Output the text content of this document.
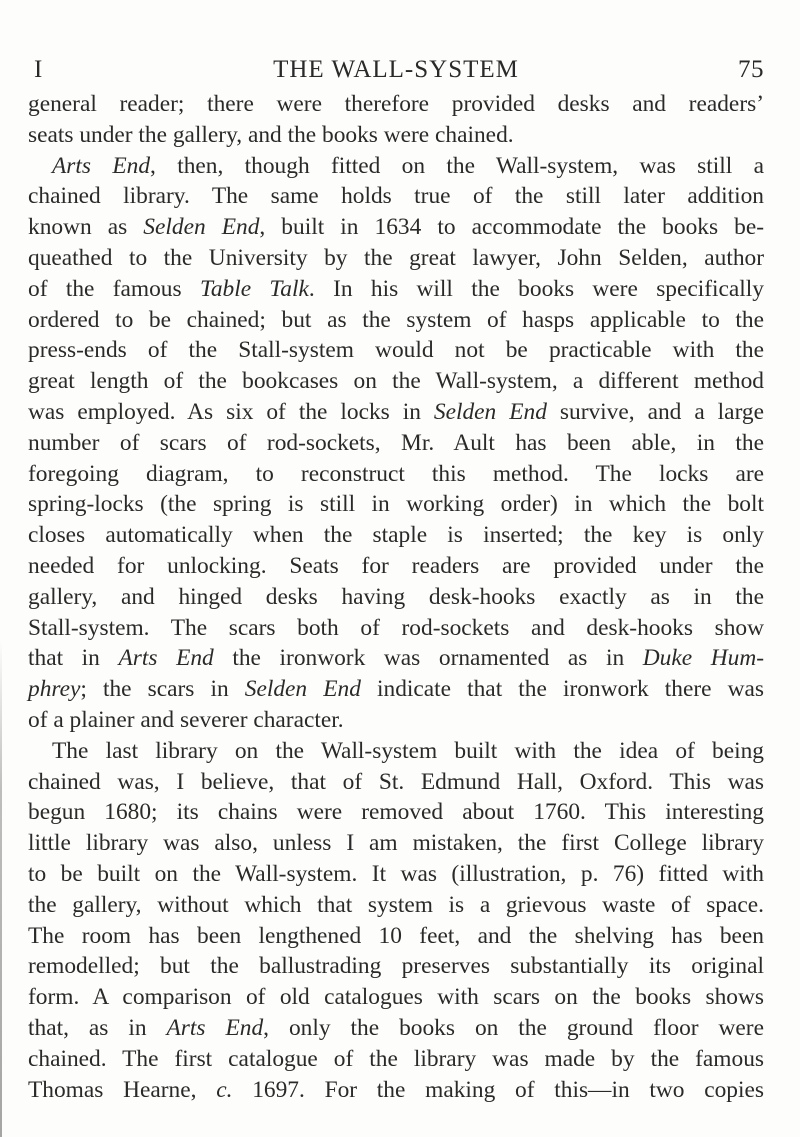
I	THE WALL-SYSTEM	75
general reader; there were therefore provided desks and readers’
seats under the gallery, and the books were chained.
Arts End, then, though fitted on the Wall-system, was still a
chained library. The same holds true of the still later addition
known as Selden End, built in 1634 to accommodate the books be-
queathed to the University by the great lawyer, John Selden, author
of the famous Table Talk. In his will the books were specifically
ordered to be chained; but as the system of hasps applicable to the
press-ends of the Stall-system would not be practicable with the
great length of the bookcases on the Wall-system, a different method
was employed. As six of the locks in Selden End survive, and a large
number of scars of rod-sockets, Mr. Ault has been able, in the
foregoing diagram, to reconstruct this method. The locks are
spring-locks (the spring is still in working order) in which the bolt
closes automatically when the staple is inserted; the key is only
needed for unlocking. Seats for readers are provided under the
gallery, and hinged desks having desk-hooks exactly as in the
Stall-system. The scars both of rod-sockets and desk-hooks show
that in Arts End the ironwork was ornamented as in Duke Hum-
phrey; the scars in Selden End indicate that the ironwork there was
of a plainer and severer character.
The last library on the Wall-system built with the idea of being
chained was, I believe, that of St. Edmund Hall, Oxford. This was
begun 1680; its chains were removed about 1760. This interesting
little library was also, unless I am mistaken, the first College library
to be built on the Wall-system. It was (illustration, p. 76) fitted with
the gallery, without which that system is a grievous waste of space.
The room has been lengthened 10 feet, and the shelving has been
remodelled; but the ballustrading preserves substantially its original
form. A comparison of old catalogues with scars on the books shows
that, as in Arts End, only the books on the ground floor were
chained. The first catalogue of the library was made by the famous
Thomas Hearne, c. 1697. For the making of this—in two copies
